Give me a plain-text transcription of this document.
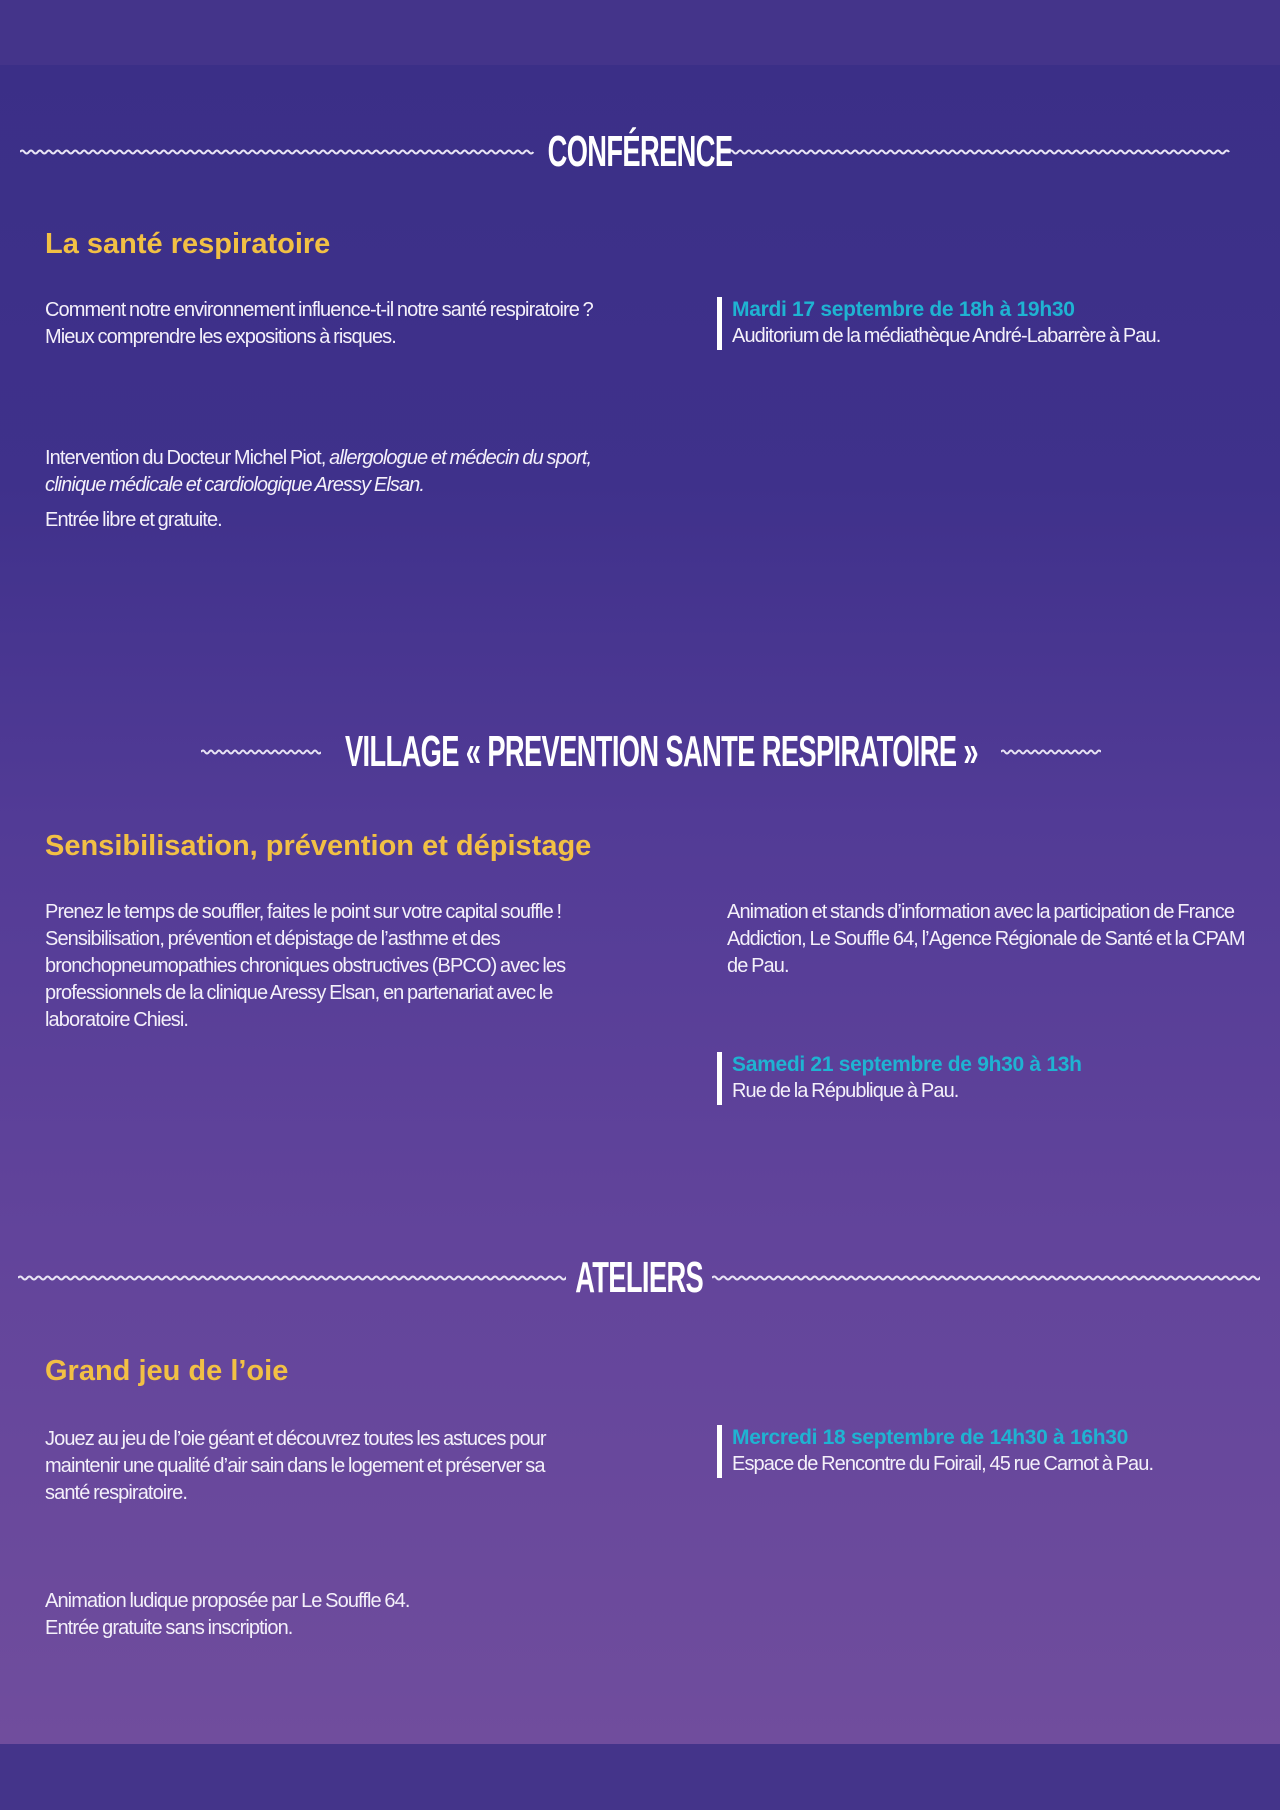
CONFÉRENCE
La santé respiratoire

Comment notre environnement influence-t-il notre santé respiratoire ? Mieux comprendre les expositions à risques.

Intervention du Docteur Michel Piot, allergologue et médecin du sport, clinique médicale et cardiologique Aressy Elsan.

Entrée libre et gratuite.

Mardi 17 septembre de 18h à 19h30
Auditorium de la médiathèque André-Labarrère à Pau.
VILLAGE « PREVENTION SANTE RESPIRATOIRE »
Sensibilisation, prévention et dépistage

Prenez le temps de souffler, faites le point sur votre capital souffle ! Sensibilisation, prévention et dépistage de l’asthme et des bronchopneumopathies chroniques obstructives (BPCO) avec les professionnels de la clinique Aressy Elsan, en partenariat avec le laboratoire Chiesi.

Animation et stands d’information avec la participation de France Addiction, Le Souffle 64, l’Agence Régionale de Santé et la CPAM de Pau.

Samedi 21 septembre de 9h30 à 13h
Rue de la République à Pau.
ATELIERS
Grand jeu de l’oie

Jouez au jeu de l’oie géant et découvrez toutes les astuces pour maintenir une qualité d’air sain dans le logement et préserver sa santé respiratoire.

Animation ludique proposée par Le Souffle 64.

Entrée gratuite sans inscription.

Mercredi 18 septembre de 14h30 à 16h30
Espace de Rencontre du Foirail, 45 rue Carnot à Pau.
